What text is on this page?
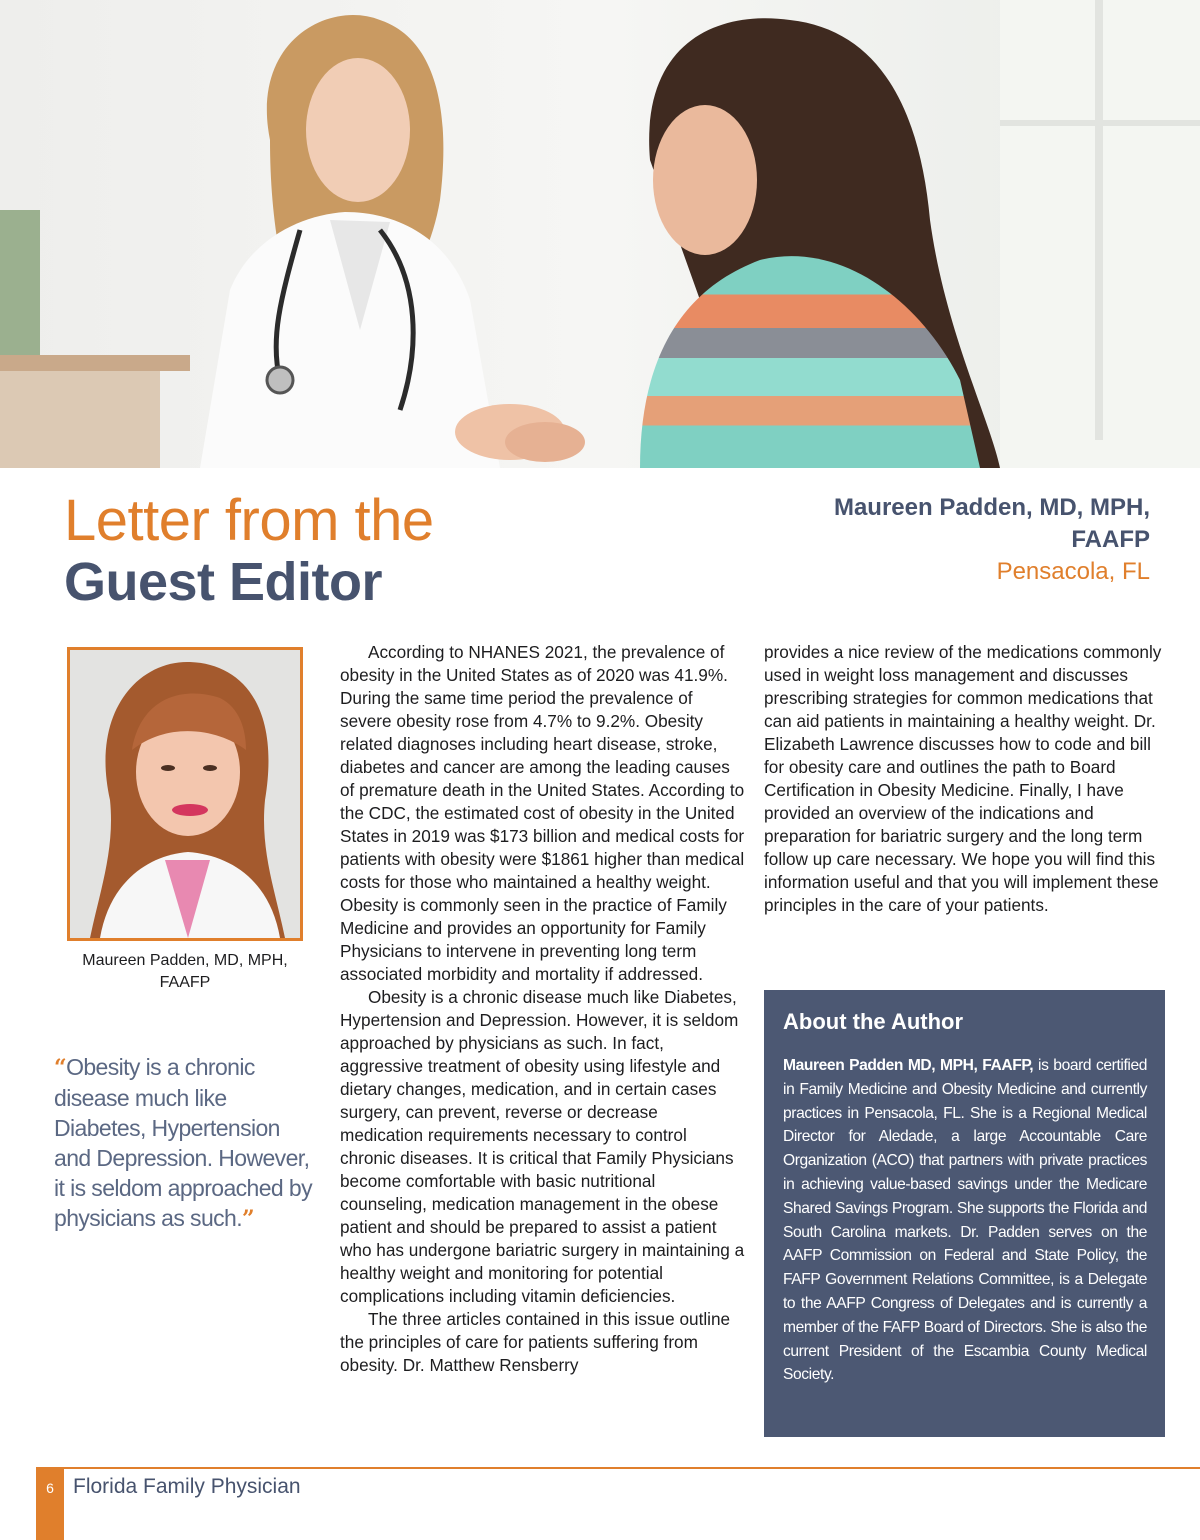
Letter from the
Guest Editor
Maureen Padden, MD, MPH,
FAAFP
Pensacola, FL
Maureen Padden, MD, MPH,
FAAFP
“Obesity is a chronic disease much like Diabetes, Hypertension and Depression. However, it is seldom approached by physicians as such.”

According to NHANES 2021, the prevalence of obesity in the United States as of 2020 was 41.9%. During the same time period the prevalence of severe obesity rose from 4.7% to 9.2%. Obesity related diagnoses including heart disease, stroke, diabetes and cancer are among the leading causes of premature death in the United States. According to the CDC, the estimated cost of obesity in the United States in 2019 was $173 billion and medical costs for patients with obesity were $1861 higher than medical costs for those who maintained a healthy weight. Obesity is commonly seen in the practice of Family Medicine and provides an opportunity for Family Physicians to intervene in preventing long term associated morbidity and mortality if addressed.

Obesity is a chronic disease much like Diabetes, Hypertension and Depression. However, it is seldom approached by physicians as such. In fact, aggressive treatment of obesity using lifestyle and dietary changes, medication, and in certain cases surgery, can prevent, reverse or decrease medication requirements necessary to control chronic diseases. It is critical that Family Physicians become comfortable with basic nutritional counseling, medication management in the obese patient and should be prepared to assist a patient who has undergone bariatric surgery in maintaining a healthy weight and monitoring for potential complications including vitamin deficiencies.

The three articles contained in this issue outline the principles of care for patients suffering from obesity. Dr. Matthew Rensberry

provides a nice review of the medications commonly used in weight loss management and discusses prescribing strategies for common medications that can aid patients in maintaining a healthy weight. Dr. Elizabeth Lawrence discusses how to code and bill for obesity care and outlines the path to Board Certification in Obesity Medicine. Finally, I have provided an overview of the indications and preparation for bariatric surgery and the long term follow up care necessary. We hope you will find this information useful and that you will implement these principles in the care of your patients.

About the Author
Maureen Padden MD, MPH, FAAFP, is board certified in Family Medicine and Obesity Medicine and currently practices in Pensacola, FL. She is a Regional Medical Director for Aledade, a large Accountable Care Organization (ACO) that partners with private practices in achieving value-based savings under the Medicare Shared Savings Program. She supports the Florida and South Carolina markets. Dr. Padden serves on the AAFP Commission on Federal and State Policy, the FAFP Government Relations Committee, is a Delegate to the AAFP Congress of Delegates and is currently a member of the FAFP Board of Directors. She is also the current President of the Escambia County Medical Society.
6 Florida Family Physician
